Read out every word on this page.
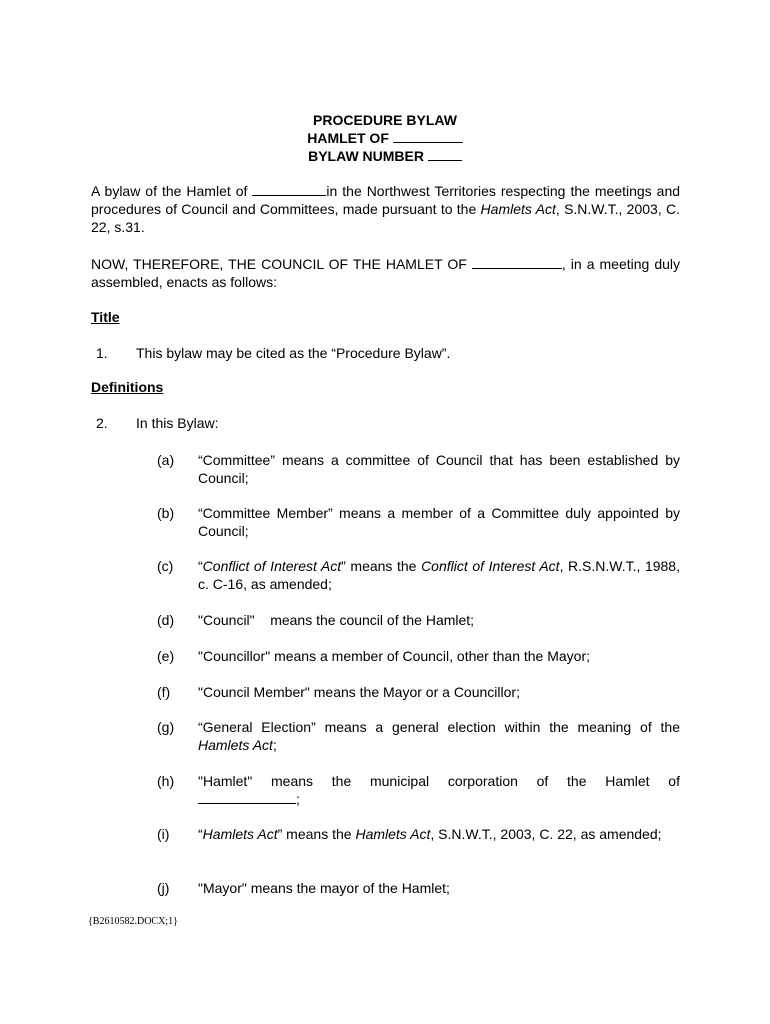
PROCEDURE BYLAW
HAMLET OF
BYLAW NUMBER
A bylaw of the Hamlet of	in the Northwest Territories respecting the meetings and procedures of Council and Committees, made pursuant to the Hamlets Act, S.N.W.T., 2003, C. 22, s.31.
NOW, THEREFORE, THE COUNCIL OF THE HAMLET OF	, in a meeting duly assembled, enacts as follows:
Title
1. This bylaw may be cited as the “Procedure Bylaw”.
Definitions
2. In this Bylaw:
(a) “Committee” means a committee of Council that has been established by Council;
(b) “Committee Member” means a member of a Committee duly appointed by Council;
(c) “Conflict of Interest Act” means the Conflict of Interest Act, R.S.N.W.T., 1988, c. C-16, as amended;
(d) "Council"    means the council of the Hamlet;
(e) "Councillor" means a member of Council, other than the Mayor;
(f) "Council Member" means the Mayor or a Councillor;
(g) “General Election” means a general election within the meaning of the Hamlets Act;
(h) "Hamlet" means the municipal corporation of the Hamlet of
;
(i) “Hamlets Act” means the Hamlets Act, S.N.W.T., 2003, C. 22, as amended;
(j) "Mayor" means the mayor of the Hamlet;
{B2610582.DOCX;1}
